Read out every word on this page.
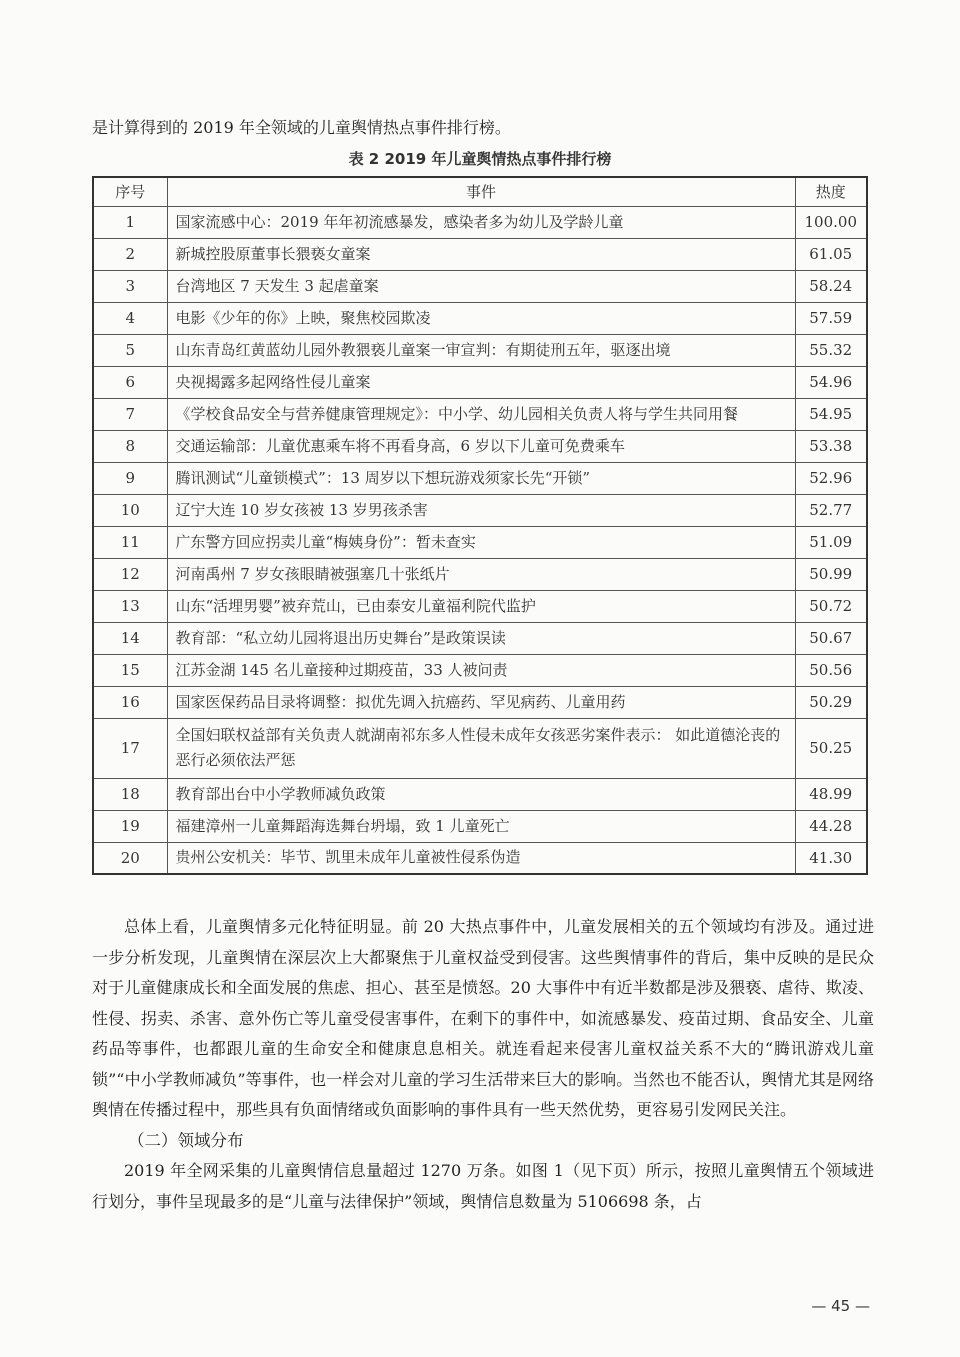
是计算得到的 2019 年全领域的儿童舆情热点事件排行榜。
表 2 2019 年儿童舆情热点事件排行榜
序号	事件	热度
1	国家流感中心：2019 年年初流感暴发，感染者多为幼儿及学龄儿童	100.00
2	新城控股原董事长猥亵女童案	61.05
3	台湾地区 7 天发生 3 起虐童案	58.24
4	电影《少年的你》上映，聚焦校园欺凌	57.59
5	山东青岛红黄蓝幼儿园外教猥亵儿童案一审宣判：有期徒刑五年，驱逐出境	55.32
6	央视揭露多起网络性侵儿童案	54.96
7	《学校食品安全与营养健康管理规定》：中小学、幼儿园相关负责人将与学生共同用餐	54.95
8	交通运输部：儿童优惠乘车将不再看身高，6 岁以下儿童可免费乘车	53.38
9	腾讯测试“儿童锁模式”：13 周岁以下想玩游戏须家长先“开锁”	52.96
10	辽宁大连 10 岁女孩被 13 岁男孩杀害	52.77
11	广东警方回应拐卖儿童“梅姨身份”：暂未查实	51.09
12	河南禹州 7 岁女孩眼睛被强塞几十张纸片	50.99
13	山东“活埋男婴”被弃荒山，已由泰安儿童福利院代监护	50.72
14	教育部：“私立幼儿园将退出历史舞台”是政策误读	50.67
15	江苏金湖 145 名儿童接种过期疫苗，33 人被问责	50.56
16	国家医保药品目录将调整：拟优先调入抗癌药、罕见病药、儿童用药	50.29
17	全国妇联权益部有关负责人就湖南祁东多人性侵未成年女孩恶劣案件表示： 如此道德沦丧的恶行必须依法严惩	50.25
18	教育部出台中小学教师减负政策	48.99
19	福建漳州一儿童舞蹈海选舞台坍塌，致 1 儿童死亡	44.28
20	贵州公安机关：毕节、凯里未成年儿童被性侵系伪造	41.30

总体上看，儿童舆情多元化特征明显。前 20 大热点事件中，儿童发展相关的五个领域均有涉及。通过进一步分析发现，儿童舆情在深层次上大都聚焦于儿童权益受到侵害。这些舆情事件的背后，集中反映的是民众对于儿童健康成长和全面发展的焦虑、担心、甚至是愤怒。20 大事件中有近半数都是涉及猥亵、虐待、欺凌、性侵、拐卖、杀害、意外伤亡等儿童受侵害事件，在剩下的事件中，如流感暴发、疫苗过期、食品安全、儿童药品等事件，也都跟儿童的生命安全和健康息息相关。就连看起来侵害儿童权益关系不大的“腾讯游戏儿童锁”“中小学教师减负”等事件，也一样会对儿童的学习生活带来巨大的影响。当然也不能否认，舆情尤其是网络舆情在传播过程中，那些具有负面情绪或负面影响的事件具有一些天然优势，更容易引发网民关注。

（二）领域分布

2019 年全网采集的儿童舆情信息量超过 1270 万条。如图 1（见下页）所示，按照儿童舆情五个领域进行划分，事件呈现最多的是“儿童与法律保护”领域，舆情信息数量为 5106698 条，占

— 45 —
